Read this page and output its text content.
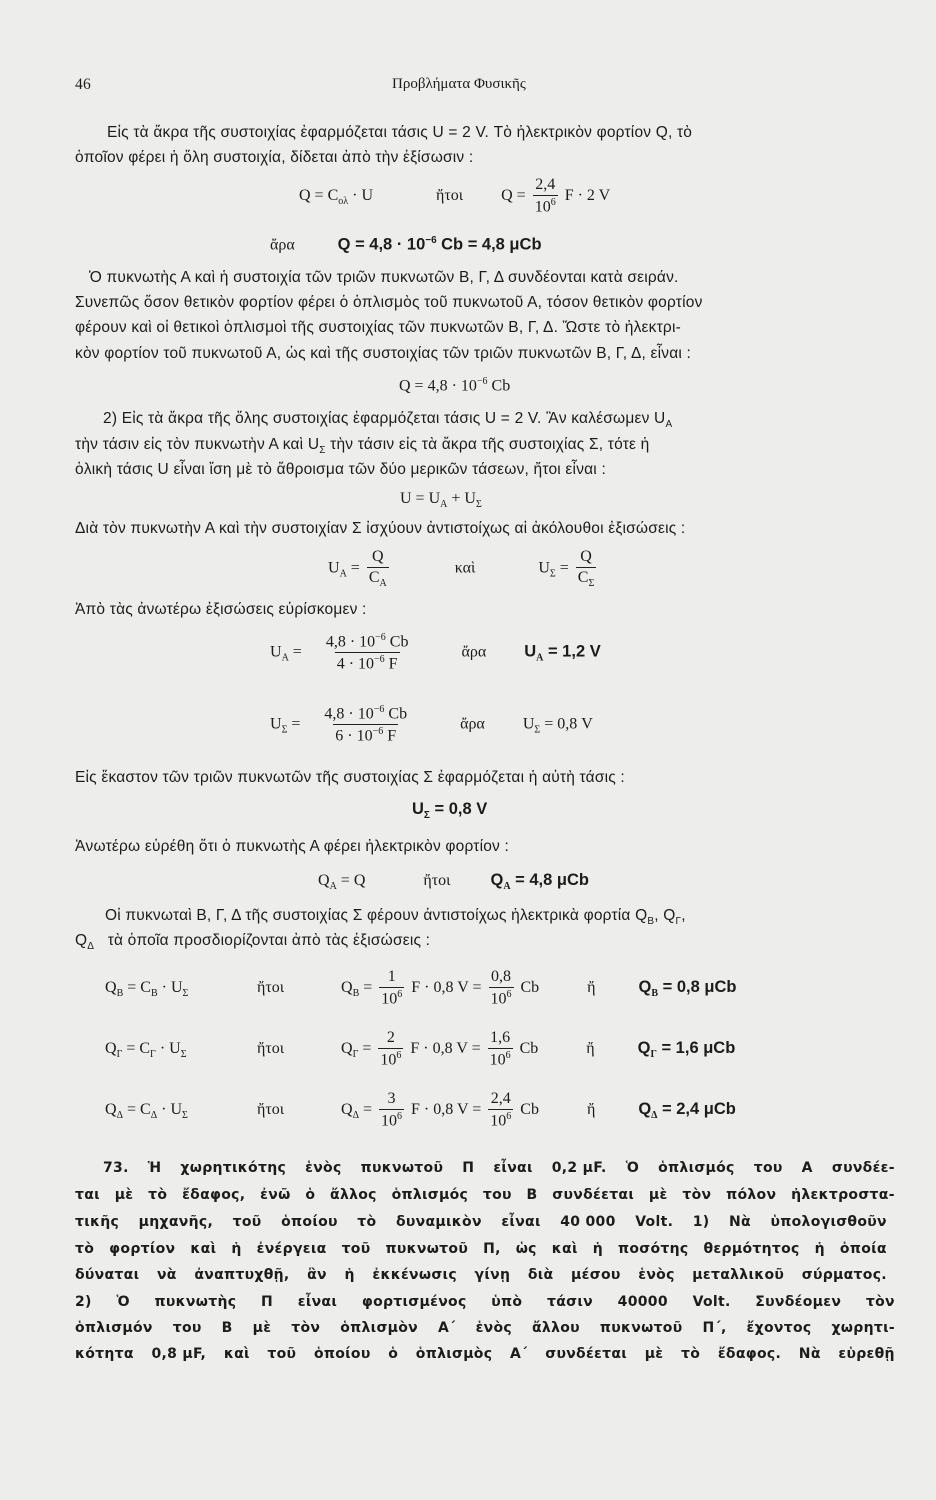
46	Προβλήματα Φυσικῆς
Εἰς τὰ ἄκρα τῆς συστοιχίας ἐφαρμόζεται τάσις U = 2 V. Τὸ ἠλεκτρικὸν φορτίον Q, τὸ
ὁποῖον φέρει ἡ ὅλη συστοιχία, δίδεται ἀπὸ τὴν ἐξίσωσιν :
$Q = C_{o\lambda} \cdot U$	ἤτοι $Q = \frac{2,4}{10^6}$ F · 2 V
ἄρα	$Q = 4,8 \cdot 10^{-6}$ Cb = 4,8 μCb
Ὁ πυκνωτὴς Α καὶ ἡ συστοιχία τῶν τριῶν πυκνωτῶν Β, Γ, Δ συνδέονται κατὰ σειράν.
Συνεπῶς ὅσον θετικὸν φορτίον φέρει ὁ ὁπλισμὸς τοῦ πυκνωτοῦ Α, τόσον θετικὸν φορτίον
φέρουν καὶ οἱ θετικοὶ ὁπλισμοὶ τῆς συστοιχίας τῶν πυκνωτῶν Β, Γ, Δ. Ὥστε τὸ ἠλεκτρι-
κὸν φορτίον τοῦ πυκνωτοῦ Α, ὡς καὶ τῆς συστοιχίας τῶν τριῶν πυκνωτῶν Β, Γ, Δ, εἶναι :
$Q = 4,8 \cdot 10^{-6}$ Cb
2) Εἰς τὰ ἄκρα τῆς ὅλης συστοιχίας ἐφαρμόζεται τάσις U = 2 V. Ἂν καλέσωμεν $U_A$
τὴν τάσιν εἰς τὸν πυκνωτὴν Α καὶ $U_\Sigma$ τὴν τάσιν εἰς τὰ ἄκρα τῆς συστοιχίας Σ, τότε ἡ
ὁλικὴ τάσις U εἶναι ἴση μὲ τὸ ἄθροισμα τῶν δύο μερικῶν τάσεων, ἤτοι εἶναι :
$U = U_A + U_\Sigma$
Διὰ τὸν πυκνωτὴν Α καὶ τὴν συστοιχίαν Σ ἰσχύουν ἀντιστοίχως αἱ ἀκόλουθοι ἐξισώσεις :
$U_A = \frac{Q}{C_A}$	καὶ	$U_\Sigma = \frac{Q}{C_\Sigma}$
Ἀπὸ τὰς ἀνωτέρω ἐξισώσεις εὑρίσκομεν :
$U_A = \frac{4,8 \cdot 10^{-6} Cb}{4 \cdot 10^{-6} F}$	ἄρα $U_A = 1,2$ V
$U_\Sigma = \frac{4,8 \cdot 10^{-6} Cb}{6 \cdot 10^{-6} F}$	ἄρα $U_\Sigma = 0,8$ V
Εἰς ἕκαστον τῶν τριῶν πυκνωτῶν τῆς συστοιχίας Σ ἐφαρμόζεται ἡ αὐτὴ τάσις :
$U_\Sigma = 0,8$ V
Ἀνωτέρω εὑρέθη ὅτι ὁ πυκνωτὴς Α φέρει ἠλεκτρικὸν φορτίον :
$Q_A = Q$	ἤτοι $Q_A = 4,8$ μCb
Οἱ πυκνωταὶ Β, Γ, Δ τῆς συστοιχίας Σ φέρουν ἀντιστοίχως ἠλεκτρικὰ φορτία $Q_B$, $Q_\Gamma$,
$Q_\Delta$ τὰ ὁποῖα προσδιορίζονται ἀπὸ τὰς ἐξισώσεις :
$Q_B = C_B \cdot U_\Sigma$	ἤτοι	$Q_B = \frac{1}{10^6}$ F · 0,8 $V = \frac{0,8}{10^6}$ Cb	ἤ	$Q_B = 0,8$ μCb
$Q_\Gamma = C_\Gamma \cdot U_\Sigma$	ἤτοι	$Q_\Gamma = \frac{2}{10^6}$ F · 0,8 $V = \frac{1,6}{10^6}$ Cb	ἤ	$Q_\Gamma = 1,6$ μCb
$Q_\Delta = C_\Delta \cdot U_\Sigma$	ἤτοι	$Q_\Delta = \frac{3}{10^6}$ F · 0,8 $V = \frac{2,4}{10^6}$ Cb	ἤ	$Q_\Delta = 2,4$ μCb
73. Ἡ χωρητικότης ἑνὸς πυκνωτοῦ Π εἶναι 0,2 μF. Ὁ ὁπλισμός του Α συνδέε-
ται μὲ τὸ ἔδαφος, ἐνῶ ὁ ἄλλος ὁπλισμός του Β συνδέεται μὲ τὸν πόλον ἠλεκτροστα-
τικῆς μηχανῆς, τοῦ ὁποίου τὸ δυναμικὸν εἶναι 40 000 Volt. 1) Νὰ ὑπολογισθοῦν
τὸ φορτίον καὶ ἡ ἐνέργεια τοῦ πυκνωτοῦ Π, ὡς καὶ ἡ ποσότης θερμότητος ἡ ὁποία
δύναται νὰ ἀναπτυχθῇ, ἂν ἡ ἐκκένωσις γίνῃ διὰ μέσου ἑνὸς μεταλλικοῦ σύρματος.
2) Ὁ πυκνωτὴς Π εἶναι φορτισμένος ὑπὸ τάσιν 40000 Volt. Συνδέομεν τὸν
ὁπλισμόν του Β μὲ τὸν ὁπλισμὸν Α΄ ἑνὸς ἄλλου πυκνωτοῦ Π΄, ἔχοντος χωρητι-
κότητα 0,8 μF, καὶ τοῦ ὁποίου ὁ ὁπλισμὸς Α΄ συνδέεται μὲ τὸ ἔδαφος. Νὰ εὑρεθῇ
